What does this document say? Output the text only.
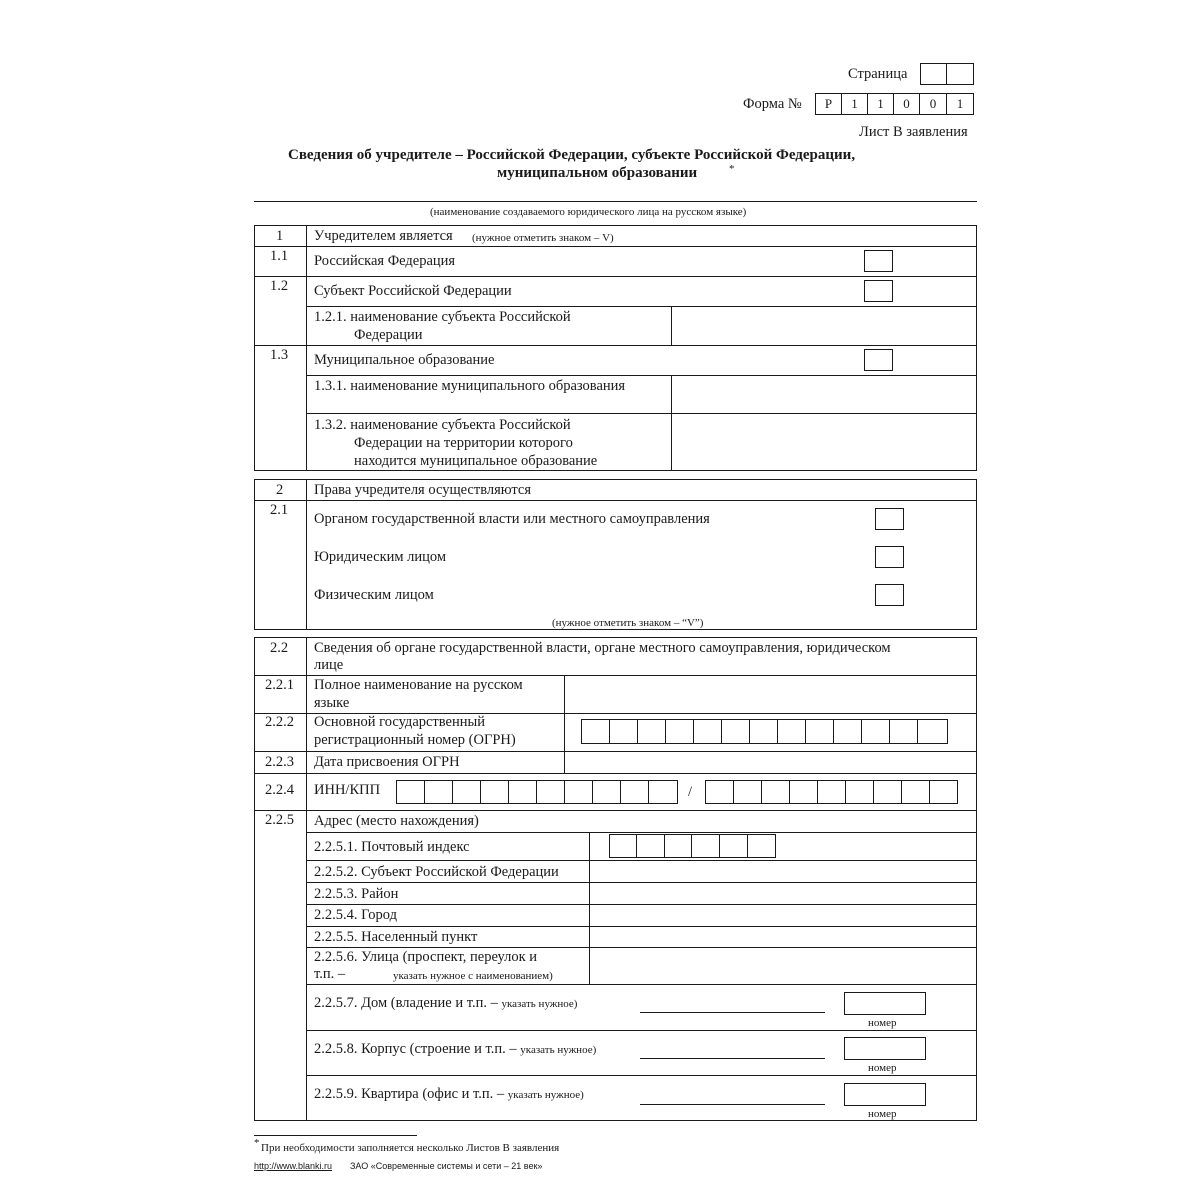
Страница
Форма №	Р	1	1	0	0	1
Лист В заявления
Сведения об учредителе – Российской Федерации, субъекте Российской Федерации,
муниципальном образовании	*
(наименование создаваемого юридического лица на русском языке)
1 Учредителем является (нужное отметить знаком – V)
1.1 Российская Федерация
1.2 Субъект Российской Федерации
1.2.1. наименование субъекта Российской
Федерации
1.3 Муниципальное образование
1.3.1. наименование муниципального образования
1.3.2. наименование субъекта Российской
Федерации на территории которого
находится муниципальное образование
2 Права учредителя осуществляются
2.1
Органом государственной власти или местного самоуправления
Юридическим лицом
Физическим лицом
(нужное отметить знаком – “V”)
2.2 Сведения об органе государственной власти, органе местного самоуправления, юридическом
лице
2.2.1 Полное наименование на русском
языке
2.2.2 Основной государственный
регистрационный номер (ОГРН)
2.2.3 Дата присвоения ОГРН
2.2.4 ИНН/КПП	/
2.2.5 Адрес (место нахождения)
2.2.5.1. Почтовый индекс
2.2.5.2. Субъект Российской Федерации
2.2.5.3. Район
2.2.5.4. Город
2.2.5.5. Населенный пункт
2.2.5.6. Улица (проспект, переулок и
т.п. –	указать нужное с наименованием)
2.2.5.7. Дом (владение и т.п. – указать нужное)
номер
2.2.5.8. Корпус (строение и т.п. – указать нужное)
номер
2.2.5.9. Квартира (офис и т.п. – указать нужное)
номер
* При необходимости заполняется несколько Листов В заявления
http://www.blanki.ru ЗАО «Современные системы и сети – 21 век»
